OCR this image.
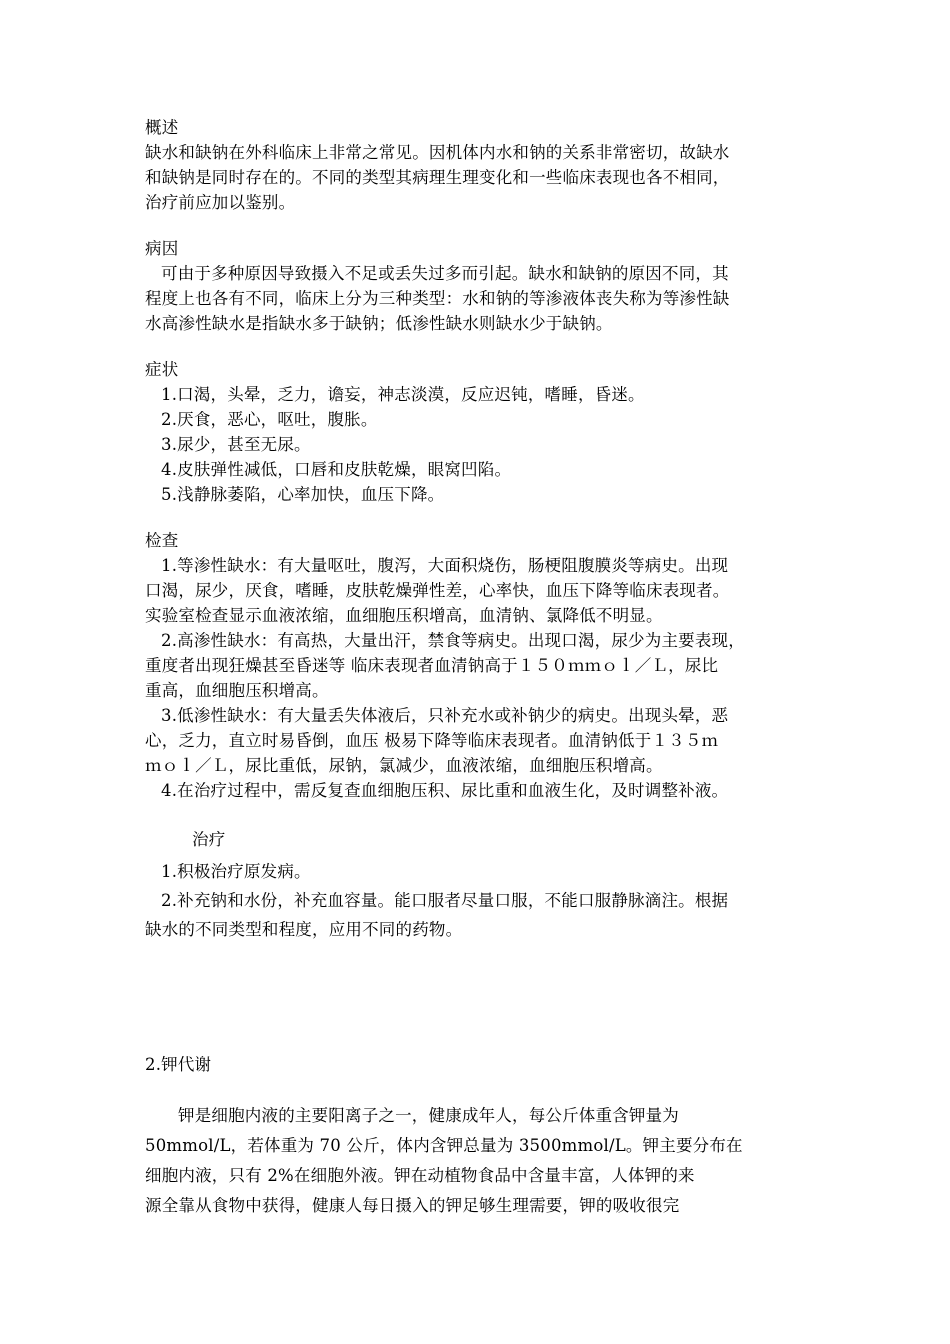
概述

缺水和缺钠在外科临床上非常之常见。因机体内水和钠的关系非常密切，故缺水

和缺钠是同时存在的。不同的类型其病理生理变化和一些临床表现也各不相同，

治疗前应加以鉴别。

病因

可由于多种原因导致摄入不足或丢失过多而引起。缺水和缺钠的原因不同，其

程度上也各有不同，临床上分为三种类型：水和钠的等渗液体丧失称为等渗性缺

水高渗性缺水是指缺水多于缺钠；低渗性缺水则缺水少于缺钠。

症状

1.口渴，头晕，乏力，谵妄，神志淡漠，反应迟钝，嗜睡，昏迷。

2.厌食，恶心，呕吐，腹胀。

3.尿少，甚至无尿。

4.皮肤弹性减低，口唇和皮肤乾燥，眼窝凹陷。

5.浅静脉萎陷，心率加快，血压下降。

检查

1.等渗性缺水：有大量呕吐，腹泻，大面积烧伤，肠梗阻腹膜炎等病史。出现

口渴，尿少，厌食，嗜睡，皮肤乾燥弹性差，心率快，血压下降等临床表现者。

实验室检查显示血液浓缩，血细胞压积增高，血清钠、氯降低不明显。

2.高渗性缺水：有高热，大量出汗，禁食等病史。出现口渴，尿少为主要表现，

重度者出现狂燥甚至昏迷等 临床表现者血清钠高于１５０ｍｍｏｌ／Ｌ，尿比

重高，血细胞压积增高。

3.低渗性缺水：有大量丢失体液后，只补充水或补钠少的病史。出现头晕，恶

心，乏力，直立时易昏倒，血压 极易下降等临床表现者。血清钠低于１３５ｍ

ｍｏｌ／Ｌ，尿比重低，尿钠，氯减少，血液浓缩，血细胞压积增高。

4.在治疗过程中，需反复查血细胞压积、尿比重和血液生化，及时调整补液。

治疗

1.积极治疗原发病。

2.补充钠和水份，补充血容量。能口服者尽量口服，不能口服静脉滴注。根据

缺水的不同类型和程度，应用不同的药物。

2.钾代谢

钾是细胞内液的主要阳离子之一，健康成年人，每公斤体重含钾量为

50mmol/L，若体重为 70 公斤，体内含钾总量为 3500mmol/L。钾主要分布在

细胞内液，只有 2%在细胞外液。钾在动植物食品中含量丰富，人体钾的来

源全靠从食物中获得，健康人每日摄入的钾足够生理需要，钾的吸收很完
